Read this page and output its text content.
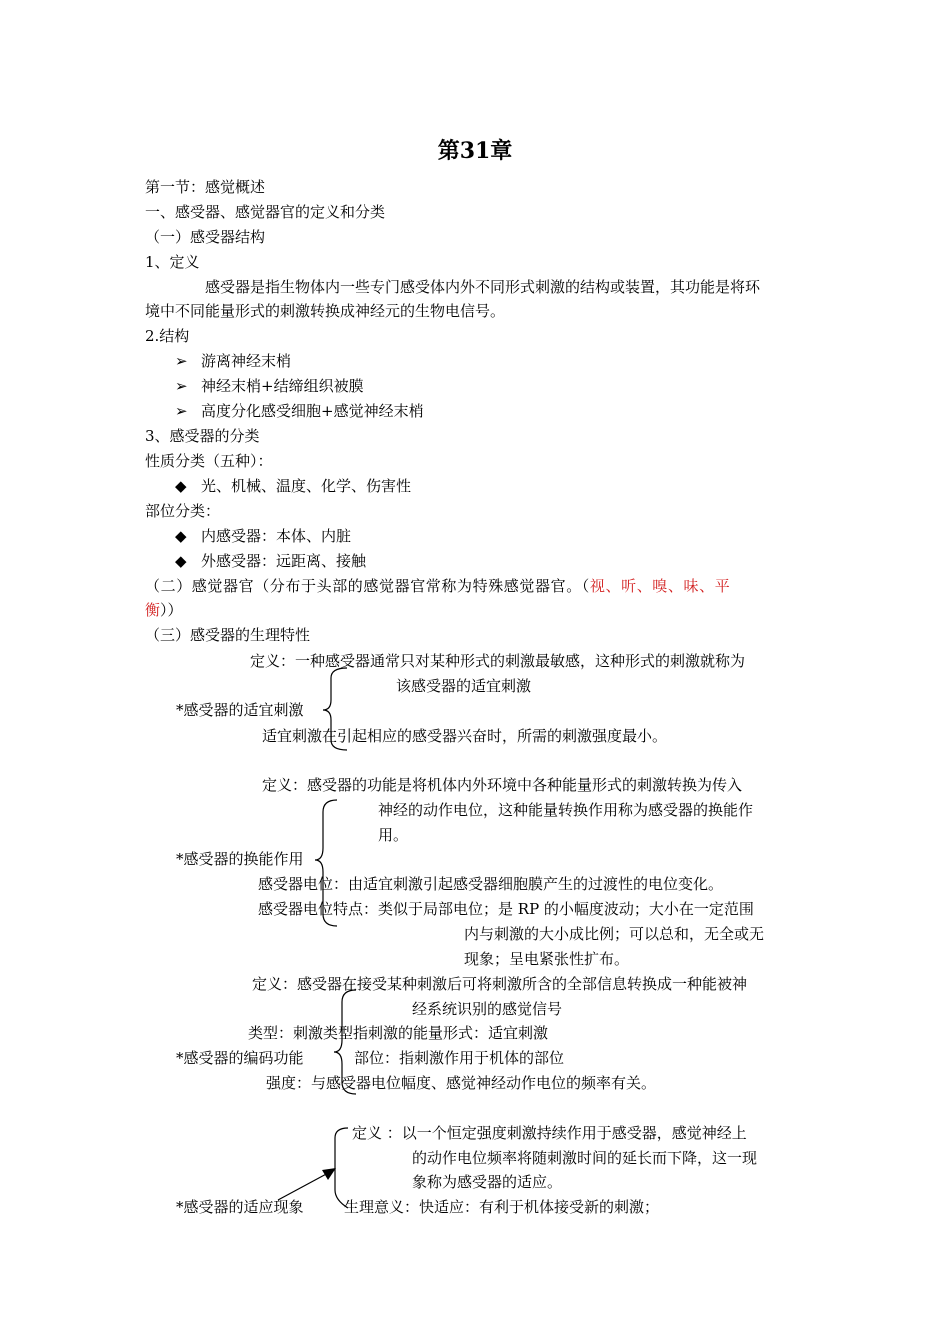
第31章
第一节：感觉概述
一、感受器、感觉器官的定义和分类
（一）感受器结构
1、定义
感受器是指生物体内一些专门感受体内外不同形式刺激的结构或装置，其功能是将环
境中不同能量形式的刺激转换成神经元的生物电信号。
2.结构
➢ 游离神经末梢
➢ 神经末梢+结缔组织被膜
➢ 高度分化感受细胞+感觉神经末梢
3、感受器的分类
性质分类（五种）：
◆ 光、机械、温度、化学、伤害性
部位分类：
◆ 内感受器：本体、内脏
◆ 外感受器：远距离、接触
（二）感觉器官（分布于头部的感觉器官常称为特殊感觉器官。（视、听、嗅、味、平
衡））
（三）感受器的生理特性
定义：一种感受器通常只对某种形式的刺激最敏感，这种形式的刺激就称为
该感受器的适宜刺激
*感受器的适宜刺激
适宜刺激在引起相应的感受器兴奋时，所需的刺激强度最小。
定义：感受器的功能是将机体内外环境中各种能量形式的刺激转换为传入
神经的动作电位，这种能量转换作用称为感受器的换能作
用。
*感受器的换能作用
感受器电位：由适宜刺激引起感受器细胞膜产生的过渡性的电位变化。
感受器电位特点：类似于局部电位；是 RP 的小幅度波动；大小在一定范围
内与刺激的大小成比例；可以总和，无全或无
现象；呈电紧张性扩布。
定义：感受器在接受某种刺激后可将刺激所含的全部信息转换成一种能被神
经系统识别的感觉信号
类型：刺激类型指刺激的能量形式：适宜刺激
*感受器的编码功能	部位：指刺激作用于机体的部位
强度：与感受器电位幅度、感觉神经动作电位的频率有关。
定义 ：以一个恒定强度刺激持续作用于感受器，感觉神经上
的动作电位频率将随刺激时间的延长而下降，这一现
象称为感受器的适应。
*感受器的适应现象	生理意义：快适应：有利于机体接受新的刺激；
